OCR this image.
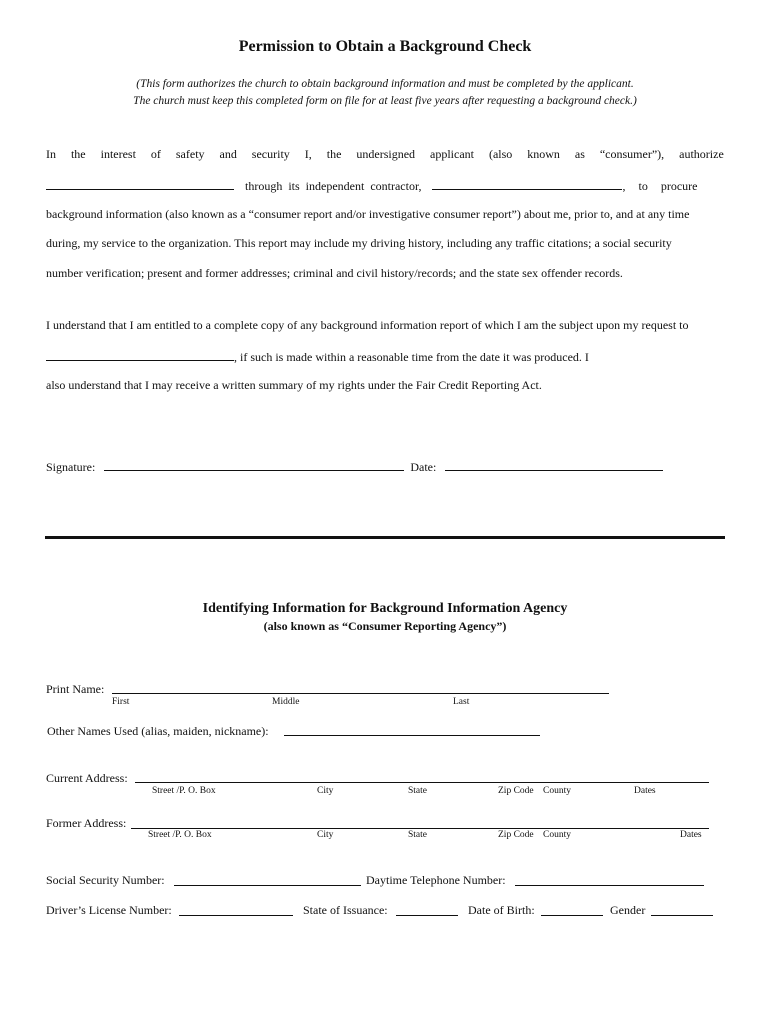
Permission to Obtain a Background Check
(This form authorizes the church to obtain background information and must be completed by the applicant.
The church must keep this completed form on file for at least five years after requesting a background check.)
In the interest of safety and security I, the undersigned applicant (also known as “consumer”), authorize
through its independent contractor,	, to procure
background information (also known as a “consumer report and/or investigative consumer report”) about me, prior to, and at any time
during, my service to the organization. This report may include my driving history, including any traffic citations; a social security
number verification; present and former addresses; criminal and civil history/records; and the state sex offender records.
I understand that I am entitled to a complete copy of any background information report of which I am the subject upon my request to
, if such is made within a reasonable time from the date it was produced. I
also understand that I may receive a written summary of my rights under the Fair Credit Reporting Act.
Signature:	Date:
Identifying Information for Background Information Agency
(also known as “Consumer Reporting Agency”)
Print Name:
First	Middle	Last
Other Names Used (alias, maiden, nickname):
Current Address:
Street /P. O. Box	City	State	Zip Code County	Dates
Former Address:
Street /P. O. Box	City	State	Zip Code County	Dates
Social Security Number:	Daytime Telephone Number:
Driver’s License Number:	State of Issuance:	Date of Birth:	Gender
